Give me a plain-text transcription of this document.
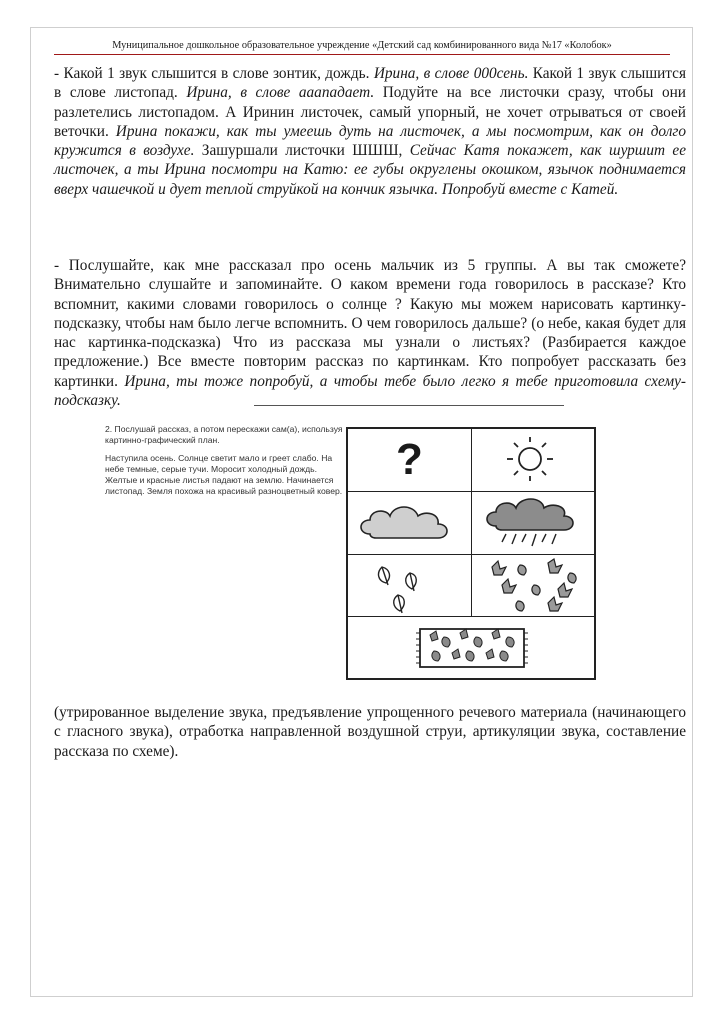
Муниципальное дошкольное образовательное учреждение «Детский сад комбинированного вида №17 «Колобок»

- Какой 1 звук слышится в слове зонтик, дождь. Ирина, в слове 000сень. Какой 1 звук слышится в слове листопад. Ирина, в слове ааападает. Подуйте на все листочки сразу, чтобы они разлетелись листопадом. А Иринин листочек, самый упорный, не хочет отрываться от своей веточки. Ирина покажи, как ты умеешь дуть на листочек, а мы посмотрим, как он долго кружится в воздухе. Зашуршали листочки ШШШ, Сейчас Катя покажет, как шуршит ее листочек, а ты Ирина посмотри на Катю: ее губы округлены окошком, язычок поднимается вверх чашечкой и дует теплой струйкой на кончик язычка. Попробуй вместе с Катей.

- Послушайте, как мне рассказал про осень мальчик из 5 группы. А вы так сможете? Внимательно слушайте и запоминайте. О каком времени года говорилось в рассказе? Кто вспомнит, какими словами говорилось о солнце ? Какую мы можем нарисовать картинку-подсказку, чтобы нам было легче вспомнить. О чем говорилось дальше? (о небе, какая будет для нас картинка-подсказка) Что из рассказа мы узнали о листьях? (Разбирается каждое предложение.) Все вместе повторим рассказ по картинкам. Кто попробует рассказать без картинки. Ирина, ты тоже попробуй, а чтобы тебе было легко я тебе приготовила схему-подсказку.

2. Послушай рассказ, а потом перескажи сам(а), используя картинно-графический план.

Наступила осень. Солнце светит мало и греет слабо. На небе темные, серые тучи. Моросит холодный дождь. Желтые и красные листья падают на землю. Начинается листопад. Земля похожа на красивый разноцветный ковер.

?

(утрированное выделение звука, предъявление упрощенного речевого материала (начинающего с гласного звука), отработка направленной воздушной струи, артикуляции звука, составление рассказа по схеме).
